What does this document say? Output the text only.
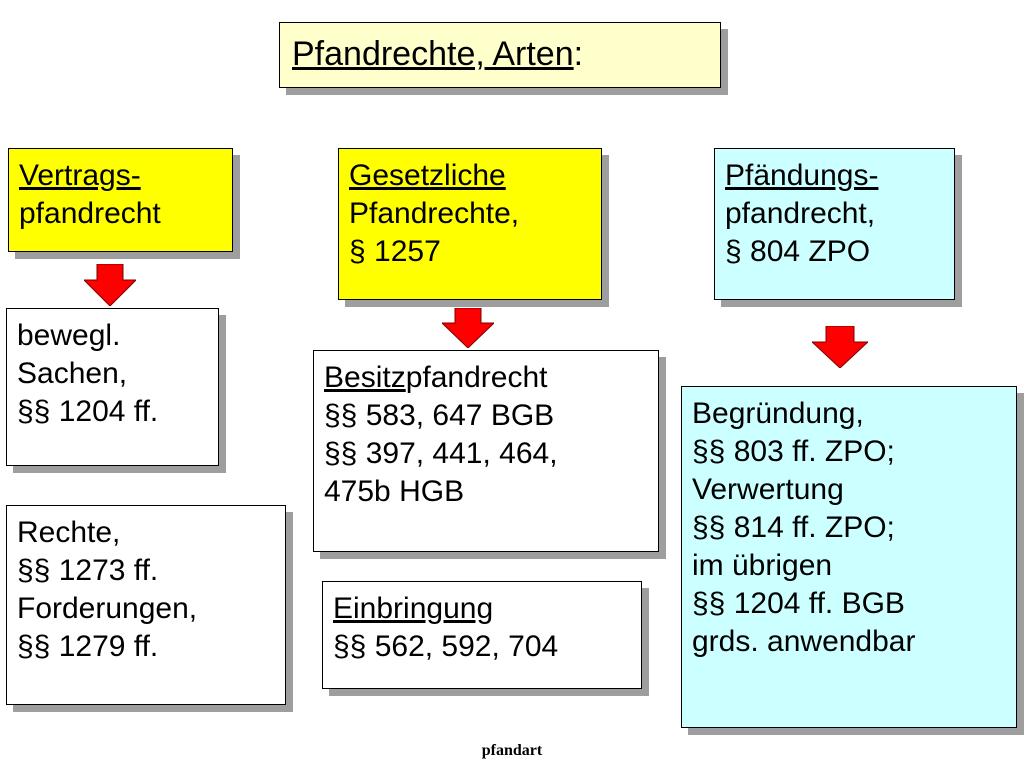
Pfandrechte, Arten:
Vertrags-
pfandrecht
bewegl.
Sachen,
§§ 1204 ff.
Rechte,
§§ 1273 ff.
Forderungen,
§§ 1279 ff.
Gesetzliche
Pfandrechte,
§ 1257
Besitzpfandrecht
§§ 583, 647 BGB
§§ 397, 441, 464,
475b HGB
Einbringung
§§ 562, 592, 704
Pfändungs-
pfandrecht,
§ 804 ZPO
Begründung,
§§ 803 ff. ZPO;
Verwertung
§§ 814 ff. ZPO;
im übrigen
§§ 1204 ff. BGB
grds. anwendbar
pfandart
